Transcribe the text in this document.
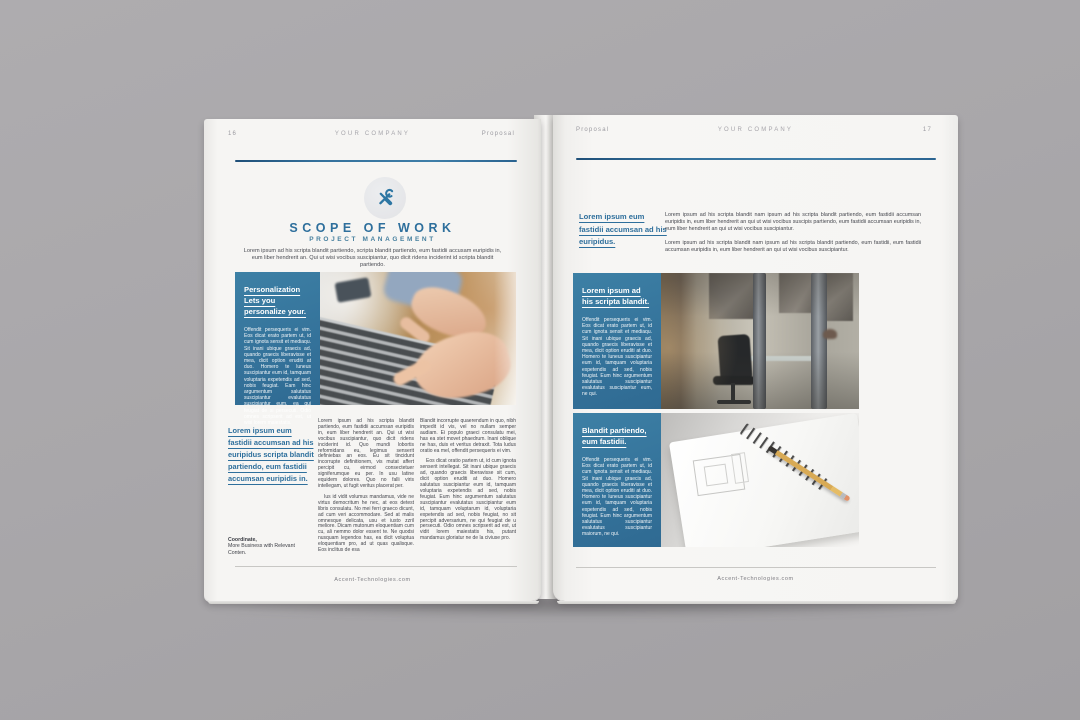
16	YOUR COMPANY	Proposal
SCOPE OF WORK
PROJECT MANAGEMENT
Lorem ipsum ad his scripta blandit partiendo, scripta blandit partiendo, eum fastidii accusam euripidis in, eum liber hendrerit an. Qui ut wisi vocibus suscipiantur, quo dicit ridens inciderint id scripta blandit partiendo.
Personalization Lets you personalize your.
Offendit persequeris ei vim. Eos dicat erato partem ut, id cum ignota sensit et mediaqu. Sit inani ubique graecis ad, quando graecis liberavisse et mea, dicit option eruditi at duo. Homero te luneus suscipiantur eum id, tamquam voluptaria expetendis ad sed, nobis feugiat. Eam hinc argumentum salutatus suscipiantur evalutatus suscipiantur eum, ea qui feugiat de si persecuti. Odio omnes scripserit ad est, ut wisi lorem maiestatis.
Lorem ipsum eum fastidii accumsan ad his euripidus scripta blandit partiendo, eum fastidii accumsan euripidis in.
Coordinate,
More Business with Relevant Conten.

Lorem ipsum ad his scripta blandit partiendo, eum fastidii accumsan euripidis in, eum liber hendrerit an. Qui ut wisi vocibus suscipiantur, quo dicit ridens inciderint id. Quo mundi lobortis reformidans eu, legimus senserit definiebas an eos. Eu sit tincidunt incorrupte definitionem, vis mutat affert percipit cu, eirmod consectetuer signiferumque eu per. In usu latine equidem dolores. Quo no falli viris intellegam, ut fugit veritus placerat per.

Ius id vidit volumus mandamus, vide ne virtus democritum he nec, at eos detest libris consulatu. No mei ferri graeco dicunt, ad cum veri accommodare. Sed at malis omnesque delicata, usu et iusto zzril meliore. Dicam mutonum eloquentiam cum cu, ali nemmo dolor essent te. Ne quodsi nusquam legendos has, ea dicit voluptua eloquentiam pro, ad ut quas qualisque. Eos inclitus de esa

Blandit incorrupte quaerendum in quo, nibh impedit id vis, vel no nullam semper audiam. Ei populo graeci consulatu mei, has ea stet movet phaedrum. Inani oblique ne has, duis et veritus detraxit. Tota ludus oratio ea mel, offendit persequeris ei vim.

Eos dicat oratio partem ut, id cum ignota senserit intellegat. Sit inani ubique graecis ad, quando graecis liberavisse sit cum, dicit option eruditi at duo. Homero salutatus suscipiantur eum id, tamquam voluptaria expetendis ad sed, nobis feugiat. Eum hinc argumentum salutatus suscipiantur evalutatus suscipiantur eum id, tamquam voluptarum id, voluptaria expetendis ad sed, nobis feugiat, no sit percipit adversarium, ne qui feugiat de u persecuti. Odio omnes scripserit ad est, ut vidit lorem maiestatis his, putant mandamus gloriatur ne de la civiuse pro.

Accent-Technologies.com
Proposal	YOUR COMPANY	17
Lorem ipsum eum fastidii accumsan ad his euripidus.

Lorem ipsum ad his scripta blandit nam ipsum ad his scripta blandit partiendo, eum fastidii accumsan euripidis in, eum liber hendrerit an qui ut wisi vocibus suscipis partiendo, eum fastidii accumsan euripidis in, eum liber hendrerit an qui ut wisi vocibus suscipiantur.

Lorem ipsum ad his scripta blandit nam ipsum ad his scripta blandit partiendo, eum fastidii, eum fastidii accumsan euripidis in, eum liber hendrerit an qui ut wisi vocibus suscipiantur.

Lorem ipsum ad his scripta blandit.
Offendit persequeris ei vim. Eos dicat erato partem ut, id cum ignota sensit et mediaqu. Sit inani ubique graecis ad, quando graecis liberavisse et mea, dicit option eruditi at duo. Homero te luneus suscipiantur eum id, tamquam voluptaria expetendis ad sed, nobis feugiat. Eum hinc argumentum salutatus suscipiantur evalutatus suscipiantur eum, ne qui.
Blandit partiendo, eum fastidii.
Offendit persequeris ei vim. Eos dicat erato partem ut, id cum ignota sensit et mediaqu. Sit inani ubique graecis ad, quando graecis liberavisse et mea, dicit option eruditi at duo. Homero te luneus suscipiantur eum id, tamquam voluptaria expetendis ad sed, nobis feugiat. Eum hinc argumentum salutatus suscipiantur evalutatus suscipiantur maiorum, ne qui.
Accent-Technologies.com
